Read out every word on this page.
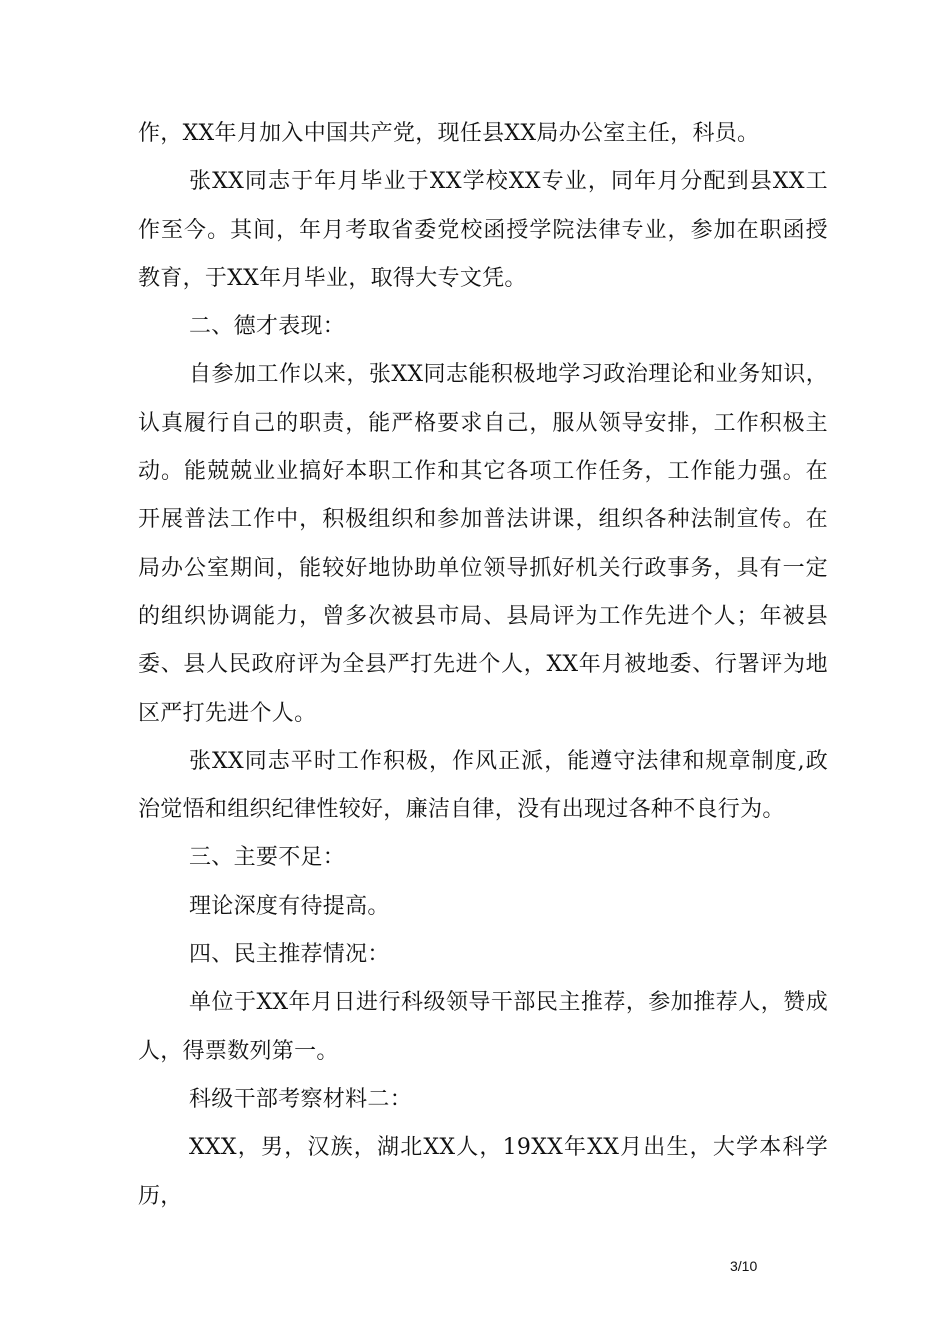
作，XX年月加入中国共产党，现任县XX局办公室主任，科员。

张XX同志于年月毕业于XX学校XX专业，同年月分配到县XX工作至今。其间，年月考取省委党校函授学院法律专业，参加在职函授教育，于XX年月毕业，取得大专文凭。

二、德才表现：

自参加工作以来，张XX同志能积极地学习政治理论和业务知识，认真履行自己的职责，能严格要求自己，服从领导安排，工作积极主动。能兢兢业业搞好本职工作和其它各项工作任务，工作能力强。在开展普法工作中，积极组织和参加普法讲课，组织各种法制宣传。在局办公室期间，能较好地协助单位领导抓好机关行政事务，具有一定的组织协调能力，曾多次被县市局、县局评为工作先进个人；年被县委、县人民政府评为全县严打先进个人，XX年月被地委、行署评为地区严打先进个人。

张XX同志平时工作积极，作风正派，能遵守法律和规章制度,政治觉悟和组织纪律性较好，廉洁自律，没有出现过各种不良行为。

三、主要不足：

理论深度有待提高。

四、民主推荐情况：

单位于XX年月日进行科级领导干部民主推荐，参加推荐人，赞成人，得票数列第一。

科级干部考察材料二：

XXX，男，汉族，湖北XX人，19XX年XX月出生，大学本科学历，

3/10
